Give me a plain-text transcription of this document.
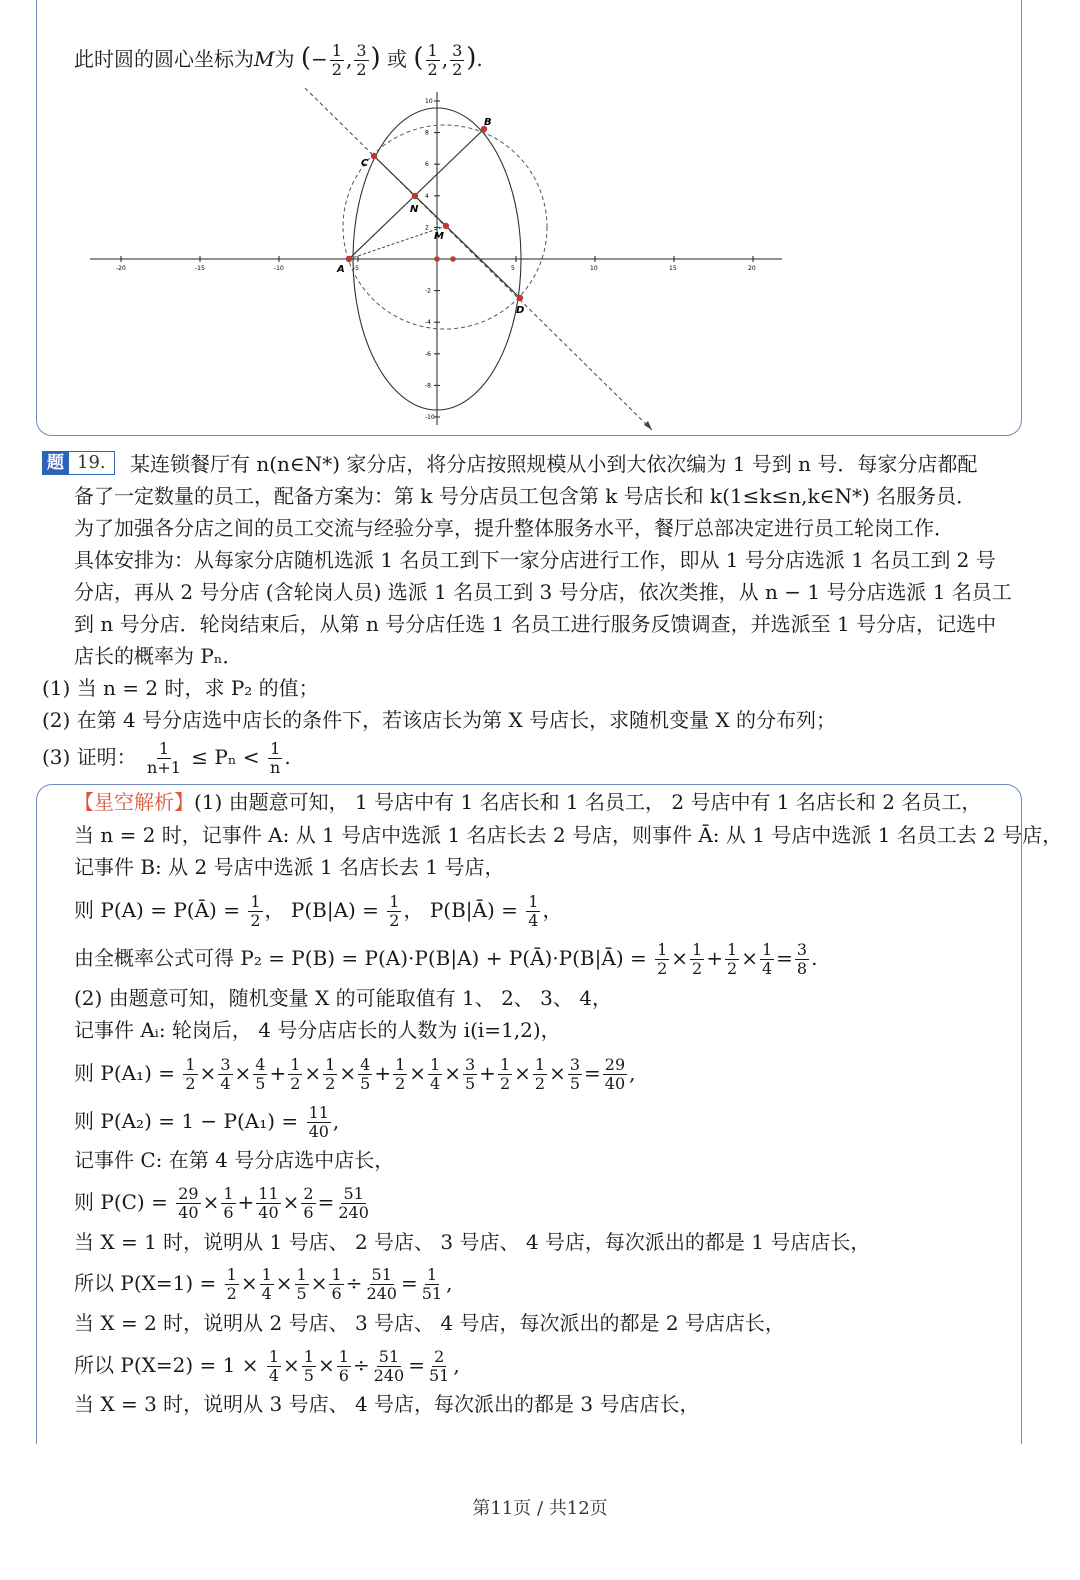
此时圆的圆心坐标为M为 (− $\frac{1}{2}$ , $\frac{3}{2}$ ) 或 ( $\frac{1}{2}$ , $\frac{3}{2}$ ).
-20	-15	-10	-5	5	10	15	20
10
8
6
4
2
-2
-4
-6
-8
-10
A
B
C
D
N
M
题 19.	某连锁餐厅有 n(n∈N*) 家分店，将分店按照规模从小到大依次编为 1 号到 n 号．每家分店都配
备了一定数量的员工，配备方案为：第 k 号分店员工包含第 k 号店长和 k(1≤k≤n,k∈N*) 名服务员．
为了加强各分店之间的员工交流与经验分享，提升整体服务水平，餐厅总部决定进行员工轮岗工作．
具体安排为：从每家分店随机选派 1 名员工到下一家分店进行工作，即从 1 号分店选派 1 名员工到 2 号
分店，再从 2 号分店 (含轮岗人员) 选派 1 名员工到 3 号分店，依次类推，从 n − 1 号分店选派 1 名员工
到 n 号分店．轮岗结束后，从第 n 号分店任选 1 名员工进行服务反馈调查，并选派至 1 号分店，记选中
店长的概率为 Pₙ．
(1) 当 n = 2 时，求 P₂ 的值；
(2) 在第 4 号分店选中店长的条件下，若该店长为第 X 号店长，求随机变量 X 的分布列；
(3) 证明： $\frac{1}{n+1} \le P_n < \frac{1}{n}$ .
【星空解析】(1) 由题意可知， 1 号店中有 1 名店长和 1 名员工， 2 号店中有 1 名店长和 2 名员工，
当 n = 2 时，记事件 A: 从 1 号店中选派 1 名店长去 2 号店，则事件 Ā: 从 1 号店中选派 1 名员工去 2 号店，
记事件 B: 从 2 号店中选派 1 名店长去 1 号店，
则 P(A) = P(Ā) = $\frac{1}{2}$ ， $P(B|A) = \frac{1}{2}$ ， P(B|Ā) = $\frac{1}{4}$ ，
由全概率公式可得 P₂ = P(B) = P(A)·P(B|A) + P(Ā)·P(B|Ā) = $\frac{1}{2} \times \frac{1}{2} + \frac{1}{2} \times \frac{1}{4} = \frac{3}{8}$ .
(2) 由题意可知，随机变量 X 的可能取值有 1、 2、 3、 4，
记事件 Aᵢ: 轮岗后， 4 号分店店长的人数为 i(i=1,2)，
则 $P(A_1) = \frac{1}{2} \times \frac{3}{4} \times \frac{4}{5} + \frac{1}{2} \times \frac{1}{2} \times \frac{4}{5} + \frac{1}{2} \times \frac{1}{4} \times \frac{3}{5} + \frac{1}{2} \times \frac{1}{2} \times \frac{3}{5} = \frac{29}{40}$ ,
则 $P(A_2) = 1 - P(A_1) = \frac{11}{40}$ ,
记事件 C: 在第 4 号分店选中店长，
则 $P(C) = \frac{29}{40} \times \frac{1}{6} + \frac{11}{40} \times \frac{2}{6} = \frac{51}{240}$
当 X = 1 时，说明从 1 号店、 2 号店、 3 号店、 4 号店，每次派出的都是 1 号店店长，
所以 $P(X=1) = \frac{1}{2} \times \frac{1}{4} \times \frac{1}{5} \times \frac{1}{6} \div \frac{51}{240} = \frac{1}{51}$ ,
当 X = 2 时，说明从 2 号店、 3 号店、 4 号店，每次派出的都是 2 号店店长，
所以 $P(X=2) = 1 \times \frac{1}{4} \times \frac{1}{5} \times \frac{1}{6} \div \frac{51}{240} = \frac{2}{51}$ ,
当 X = 3 时，说明从 3 号店、 4 号店，每次派出的都是 3 号店店长，
第11页 / 共12页
